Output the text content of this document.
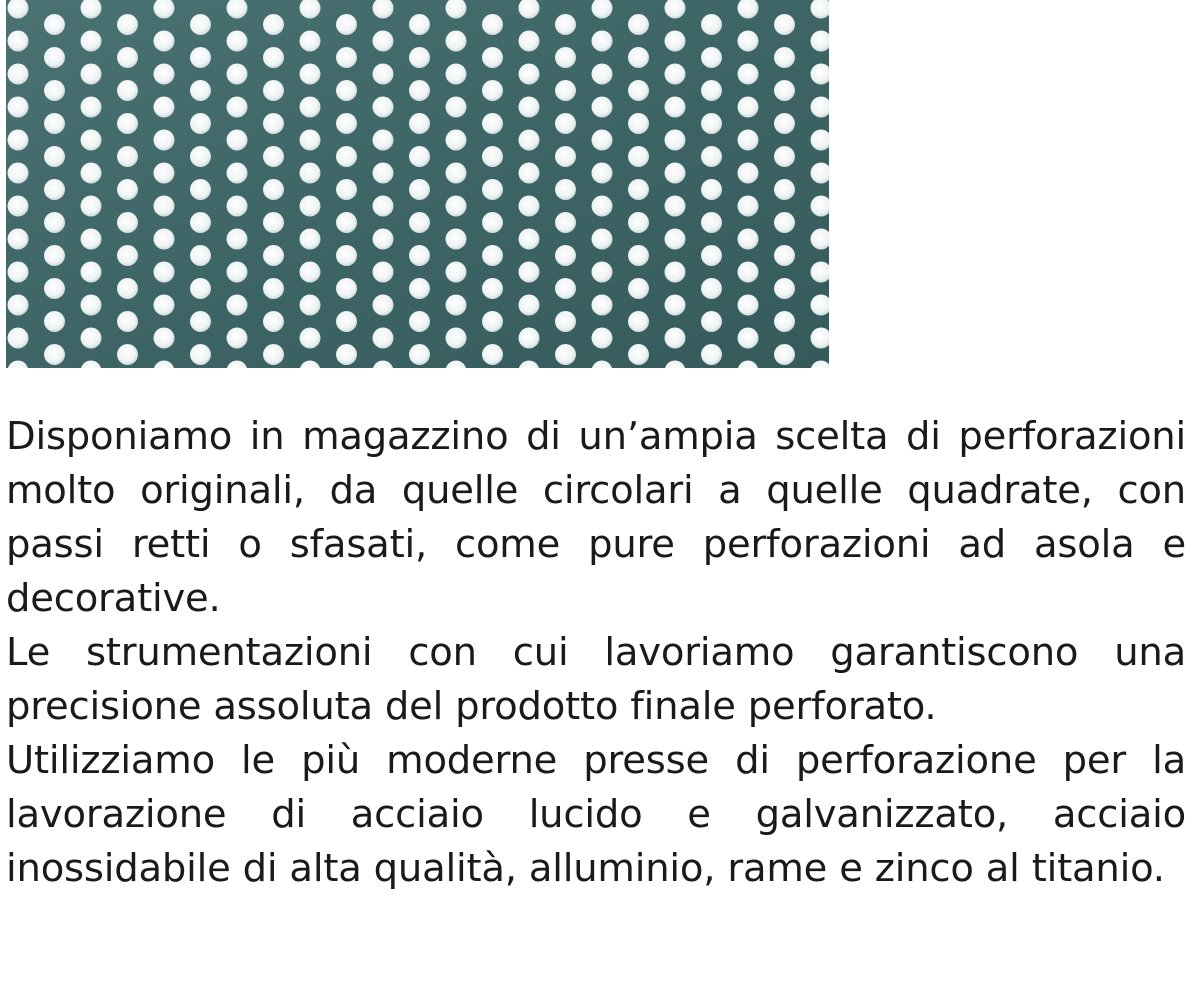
Disponiamo in magazzino di un’ampia scelta di perforazioni molto originali, da quelle circolari a quelle quadrate, con passi retti o sfasati, come pure perforazioni ad asola e decorative.

Le strumentazioni con cui lavoriamo garantiscono una precisione assoluta del prodotto finale perforato.

Utilizziamo le più moderne presse di perforazione per la lavorazione di acciaio lucido e galvanizzato, acciaio inossidabile di alta qualità, alluminio, rame e zinco al titanio.
